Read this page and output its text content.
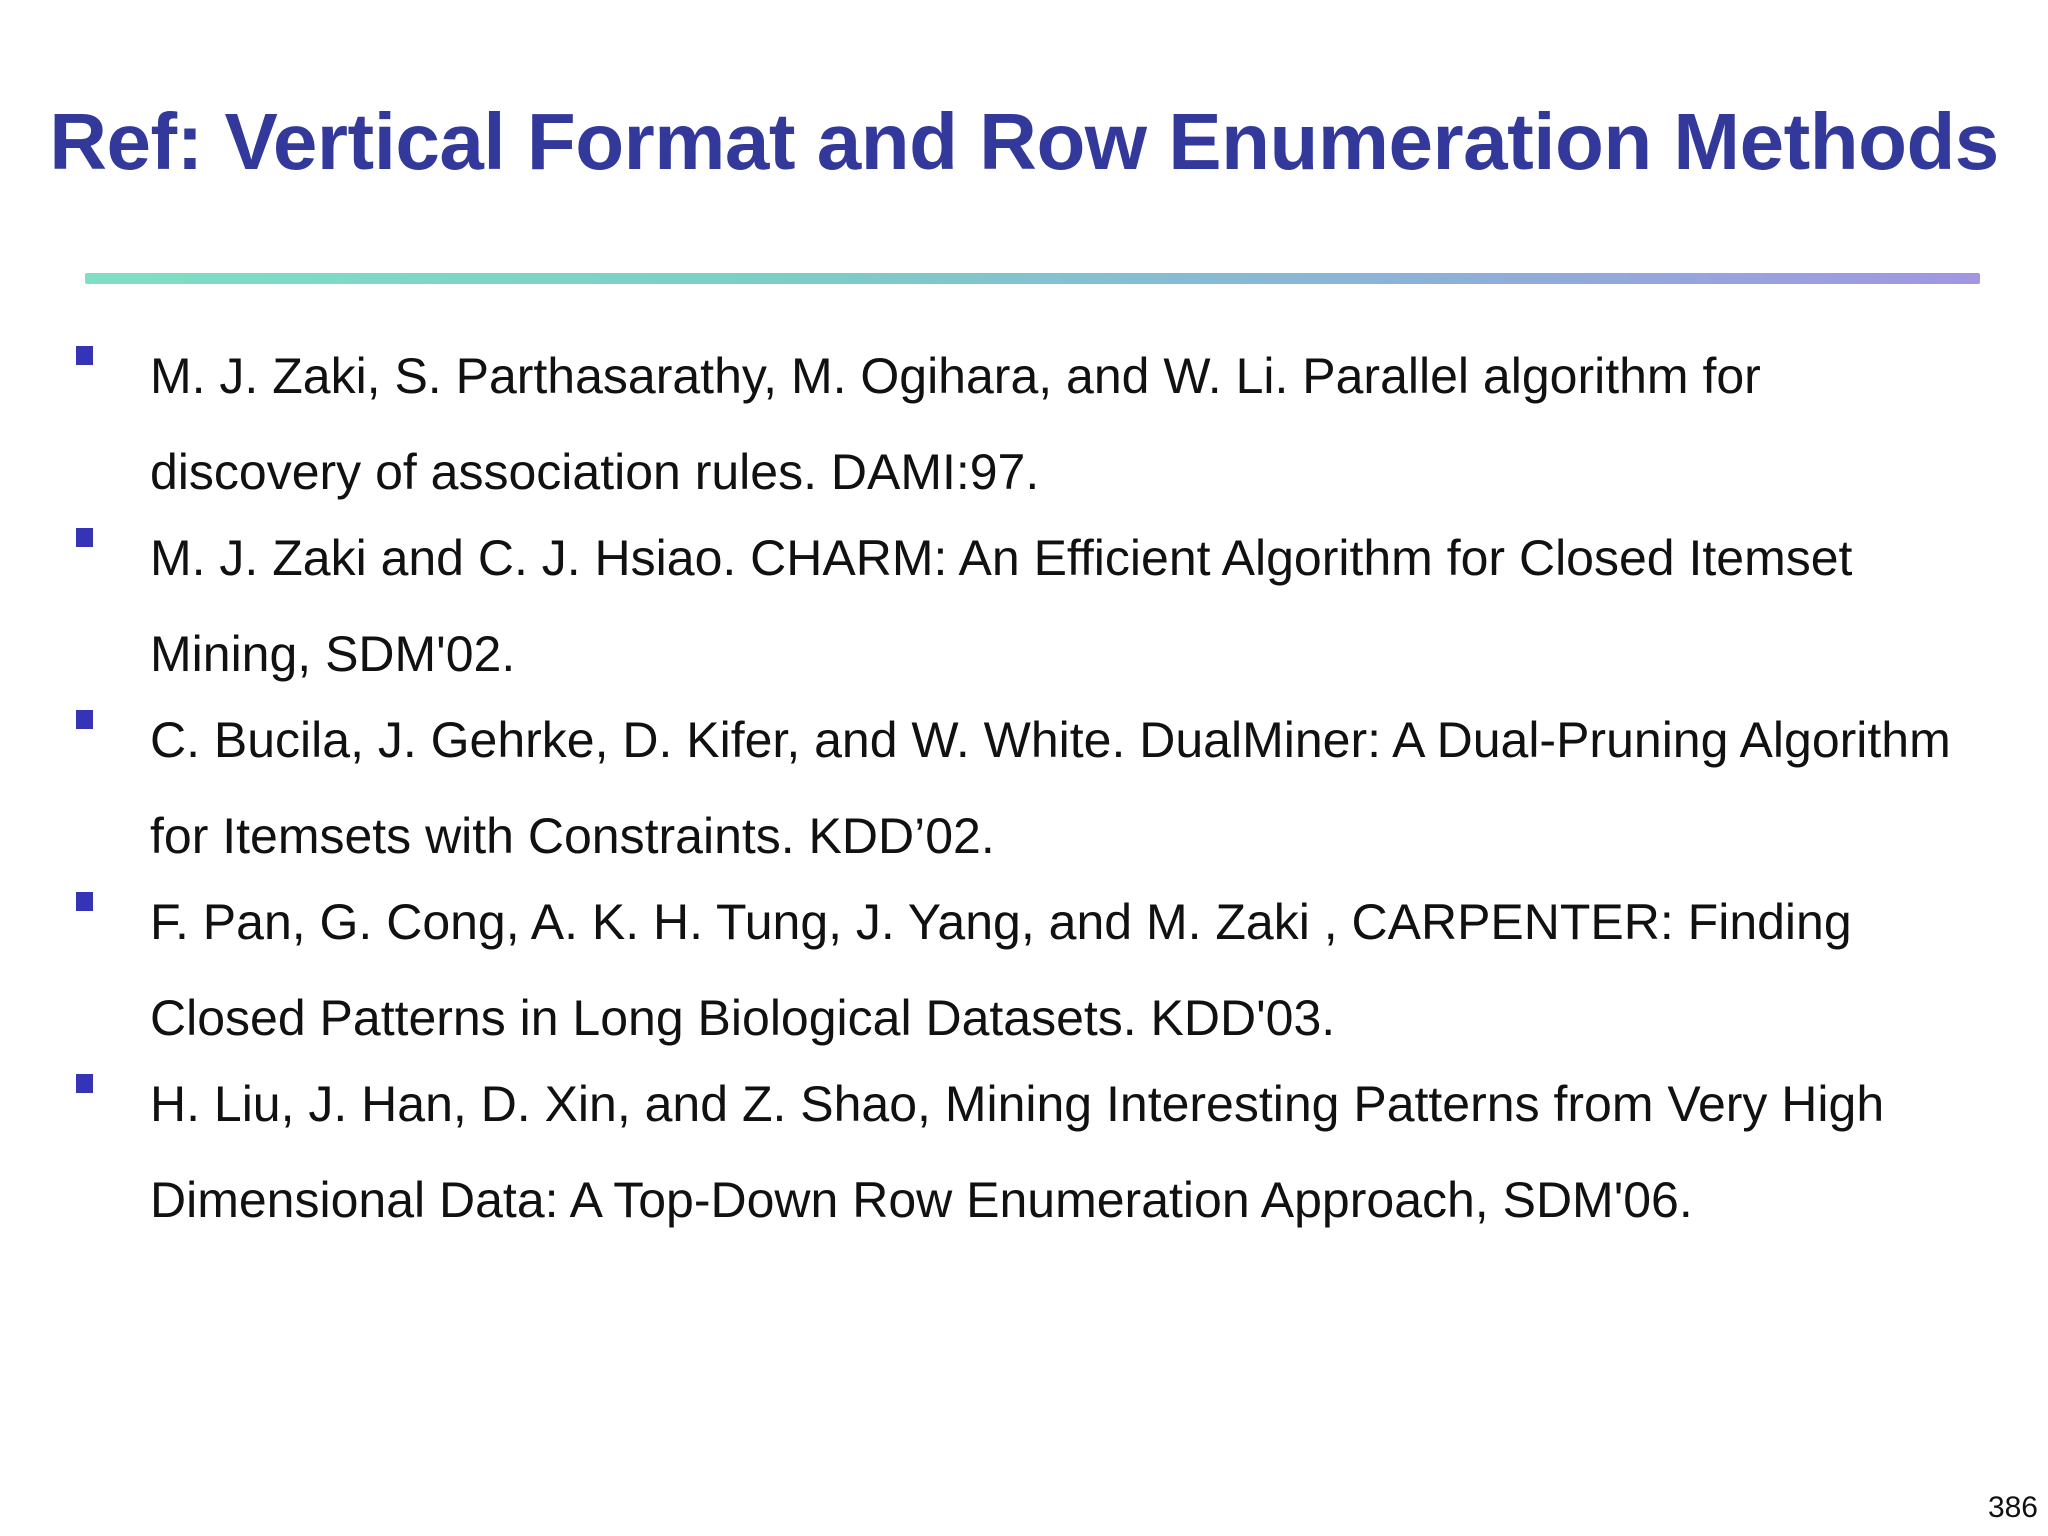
Ref: Vertical Format and Row Enumeration Methods
M. J. Zaki, S. Parthasarathy, M. Ogihara, and W. Li. Parallel algorithm for discovery of association rules. DAMI:97.
M. J. Zaki and C. J. Hsiao. CHARM: An Efficient Algorithm for Closed Itemset Mining, SDM'02.
C. Bucila, J. Gehrke, D. Kifer, and W. White. DualMiner: A Dual-Pruning Algorithm for Itemsets with Constraints. KDD’02.
F. Pan, G. Cong, A. K. H. Tung, J. Yang, and M. Zaki , CARPENTER: Finding Closed Patterns in Long Biological Datasets. KDD'03.
H. Liu, J. Han, D. Xin, and Z. Shao, Mining Interesting Patterns from Very High Dimensional Data: A Top-Down Row Enumeration Approach, SDM'06.
386
